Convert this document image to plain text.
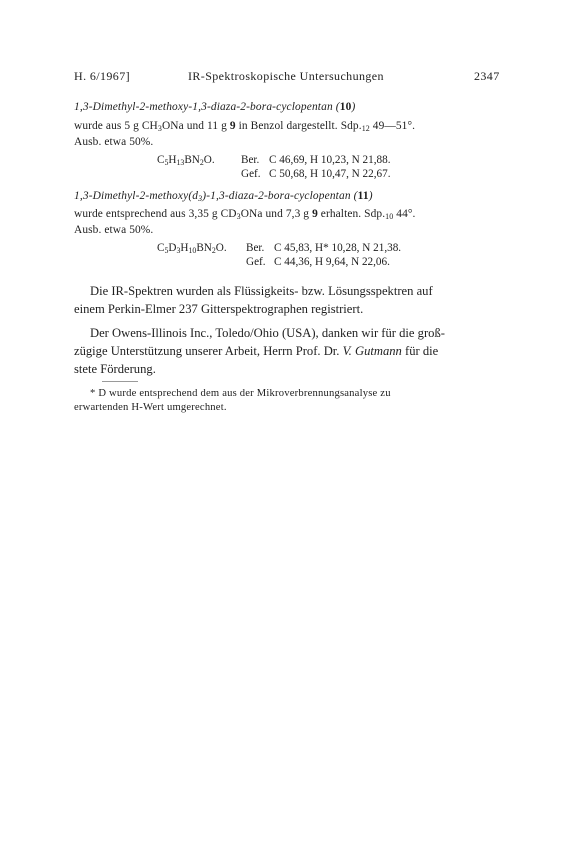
H. 6/1967]	IR-Spektroskopische Untersuchungen	2347
1,3-Dimethyl-2-methoxy-1,3-diaza-2-bora-cyclopentan (10)
wurde aus 5 g $CH_3ONa$ und 11 g 9 in Benzol dargestellt. $Sdp._{12}$ 49—51°.
Ausb. etwa 50%.
$C_5H_{13}BN_2O$. Ber. C 46,69, H 10,23, N 21,88.
Gef. C 50,68, H 10,47, N 22,67.
$1,3-Dimethyl-2-methoxy(d_3)-1,3-diaza-2-bora$-cyclopentan (11)
wurde entsprechend aus 3,35 g $CD_3ONa$ und 7,3 g 9 erhalten. $Sdp._{10}$ 44°.
Ausb. etwa 50%.
$C_5D_3H_{10}BN_2O$. Ber. C 45,83, H* 10,28, N 21,38.
Gef. C 44,36, H 9,64, N 22,06.
Die IR-Spektren wurden als Flüssigkeits- bzw. Lösungsspektren auf
einem Perkin-Elmer 237 Gitterspektrographen registriert.
Der Owens-Illinois Inc., Toledo/Ohio (USA), danken wir für die groß-
zügige Unterstützung unserer Arbeit, Herrn Prof. Dr. V. Gutmann für die
stete Förderung.
* D wurde entsprechend dem aus der Mikroverbrennungsanalyse zu
erwartenden H-Wert umgerechnet.
